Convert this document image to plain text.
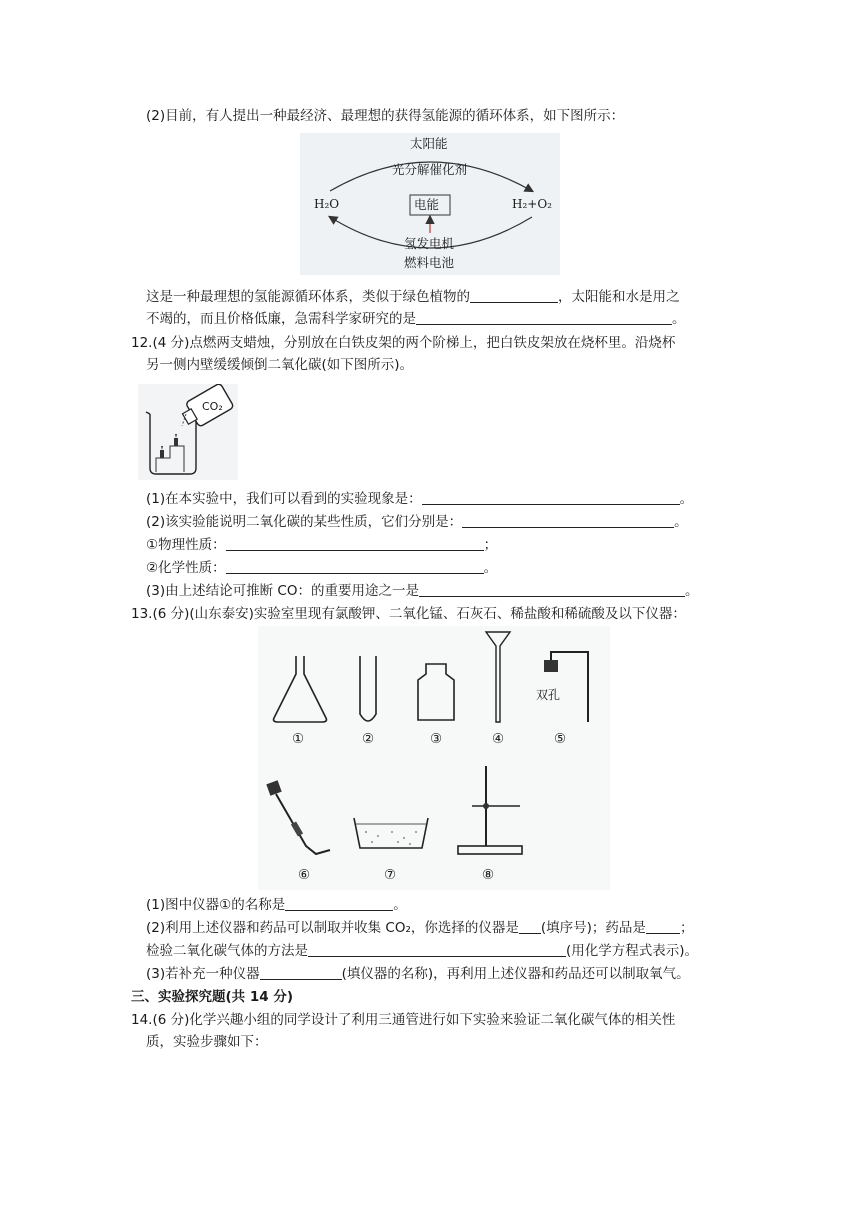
(2)目前，有人提出一种最经济、最理想的获得氢能源的循环体系，如下图所示：
太阳能
光分解催化剂
H₂O	H₂+O₂
电能
氢发电机
燃料电池
这是一种最理想的氢能源循环体系，类似于绿色植物的	，太阳能和水是用之
不竭的，而且价格低廉，急需科学家研究的是	。
12.(4 分)点燃两支蜡烛，分别放在白铁皮架的两个阶梯上，把白铁皮架放在烧杯里。沿烧杯
另一侧内壁缓缓倾倒二氧化碳(如下图所示)。
CO₂
(1)在本实验中，我们可以看到的实验现象是：	。
(2)该实验能说明二氧化碳的某些性质，它们分别是：	。
①物理性质：	；
②化学性质：	。
(3)由上述结论可推断 CO：的重要用途之一是	。
13.(6 分)(山东泰安)实验室里现有氯酸钾、二氧化锰、石灰石、稀盐酸和稀硫酸及以下仪器：
①	②	③	④	⑤
双孔
⑥	⑦	⑧
(1)图中仪器①的名称是	。
(2)利用上述仪器和药品可以制取并收集 CO₂，你选择的仪器是 (填序号)；药品是	；
检验二氧化碳气体的方法是	(用化学方程式表示)。
(3)若补充一种仪器	(填仪器的名称)，再利用上述仪器和药品还可以制取氧气。
三、实验探究题(共 14 分)
14.(6 分)化学兴趣小组的同学设计了利用三通管进行如下实验来验证二氧化碳气体的相关性
质，实验步骤如下：
